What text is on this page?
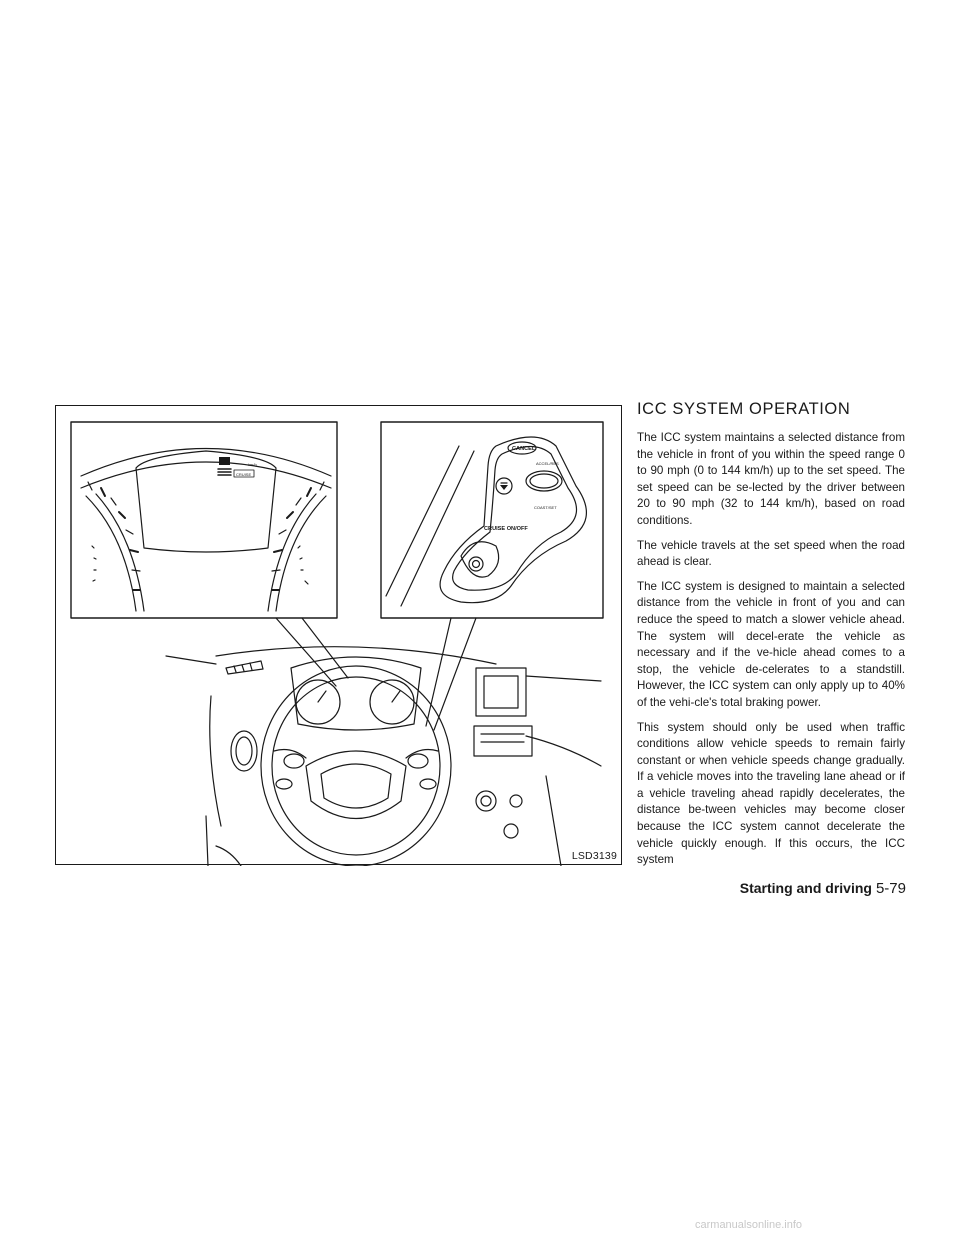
CRUISE
km/h
CANCEL
ACCEL/RES
COAST/SET
CRUISE ON/OFF
LSD3139
ICC SYSTEM OPERATION

The ICC system maintains a selected distance from the vehicle in front of you within the speed range 0 to 90 mph (0 to 144 km/h) up to the set speed. The set speed can be se-lected by the driver between 20 to 90 mph (32 to 144 km/h), based on road conditions.

The vehicle travels at the set speed when the road ahead is clear.

The ICC system is designed to maintain a selected distance from the vehicle in front of you and can reduce the speed to match a slower vehicle ahead. The system will decel-erate the vehicle as necessary and if the ve-hicle ahead comes to a stop, the vehicle de-celerates to a standstill. However, the ICC system can only apply up to 40% of the vehi-cle's total braking power.

This system should only be used when traffic conditions allow vehicle speeds to remain fairly constant or when vehicle speeds change gradually. If a vehicle moves into the traveling lane ahead or if a vehicle traveling ahead rapidly decelerates, the distance be-tween vehicles may become closer because the ICC system cannot decelerate the vehicle quickly enough. If this occurs, the ICC system

Starting and driving 5-79
carmanualsonline.info
